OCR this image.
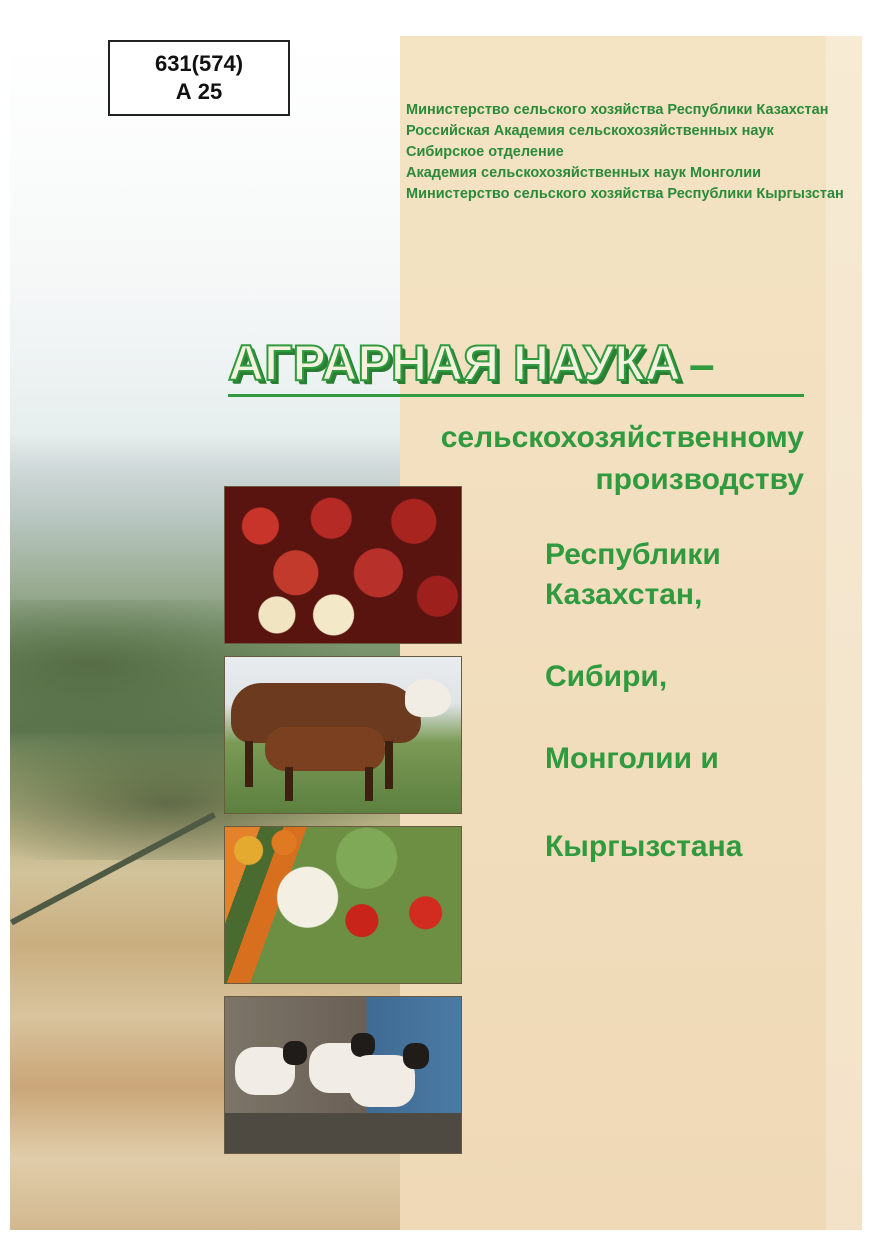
631(574)
А 25
Министерство сельского хозяйства Республики Казахстан
Российская Академия сельскохозяйственных наук
Сибирское отделение
Академия сельскохозяйственных наук Монголии
Министерство сельского хозяйства Республики Кыргызстан
АГРАРНАЯ НАУКА –
сельскохозяйственному
производству
Республики
Казахстан,
Сибири,
Монголии и
Кыргызстана
